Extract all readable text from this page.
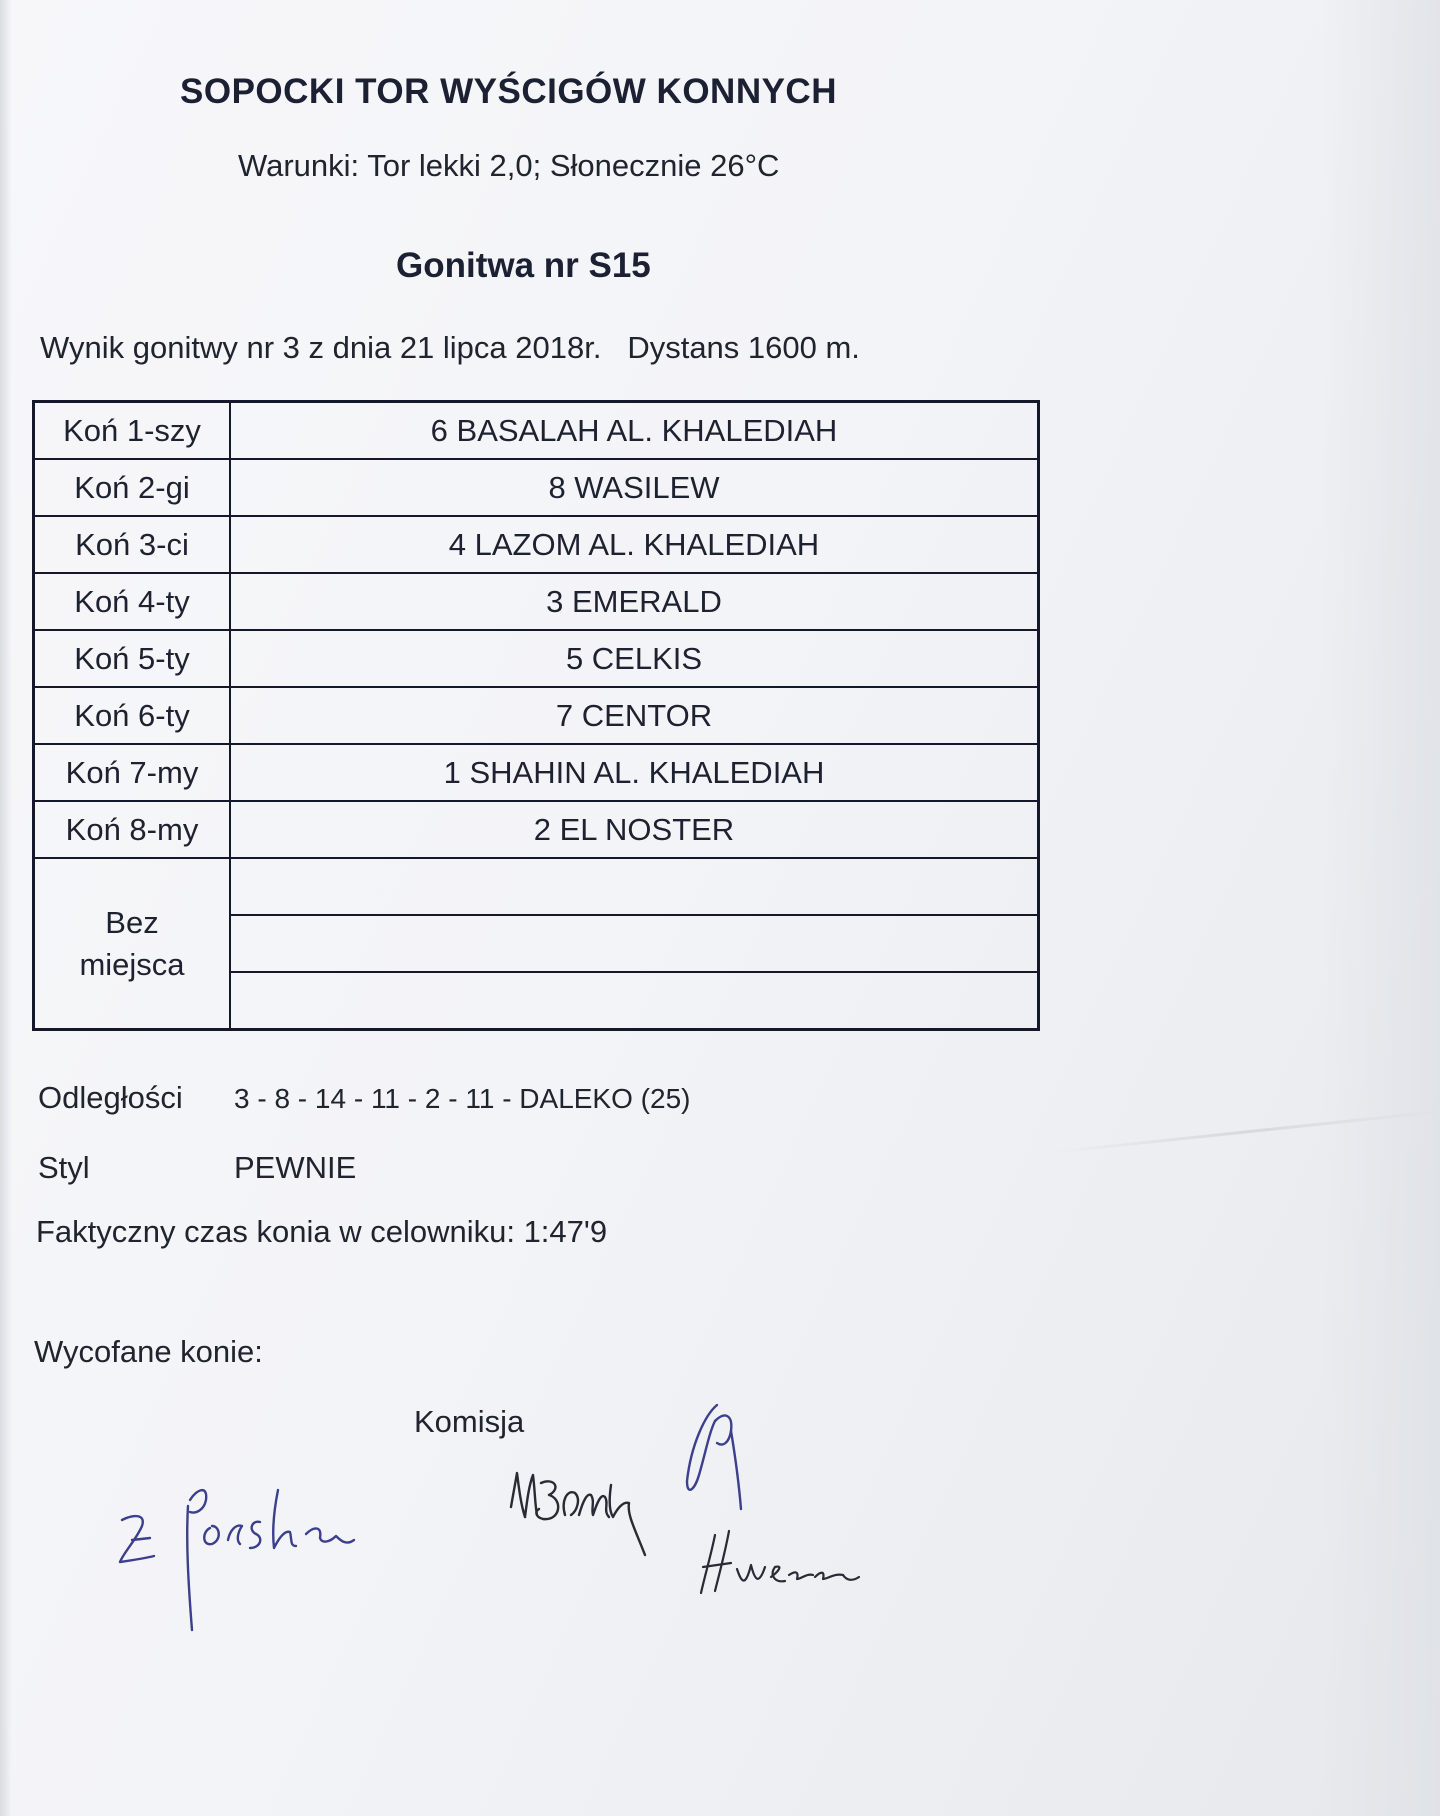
SOPOCKI TOR WYŚCIGÓW KONNYCH
Warunki: Tor lekki 2,0; Słonecznie 26°C
Gonitwa nr S15
Wynik gonitwy nr 3 z dnia 21 lipca 2018r. Dystans 1600 m.
Koń 1-szy	6 BASALAH AL. KHALEDIAH
Koń 2-gi	8 WASILEW
Koń 3-ci	4 LAZOM AL. KHALEDIAH
Koń 4-ty	3 EMERALD
Koń 5-ty	5 CELKIS
Koń 6-ty	7 CENTOR
Koń 7-my	1 SHAHIN AL. KHALEDIAH
Koń 8-my	2 EL NOSTER

Bez
miejsca	

Odległości 3 - 8 - 14 - 11 - 2 - 11 - DALEKO (25)
Styl	PEWNIE
Faktyczny czas konia w celowniku: 1:47'9
Wycofane konie:
Komisja
